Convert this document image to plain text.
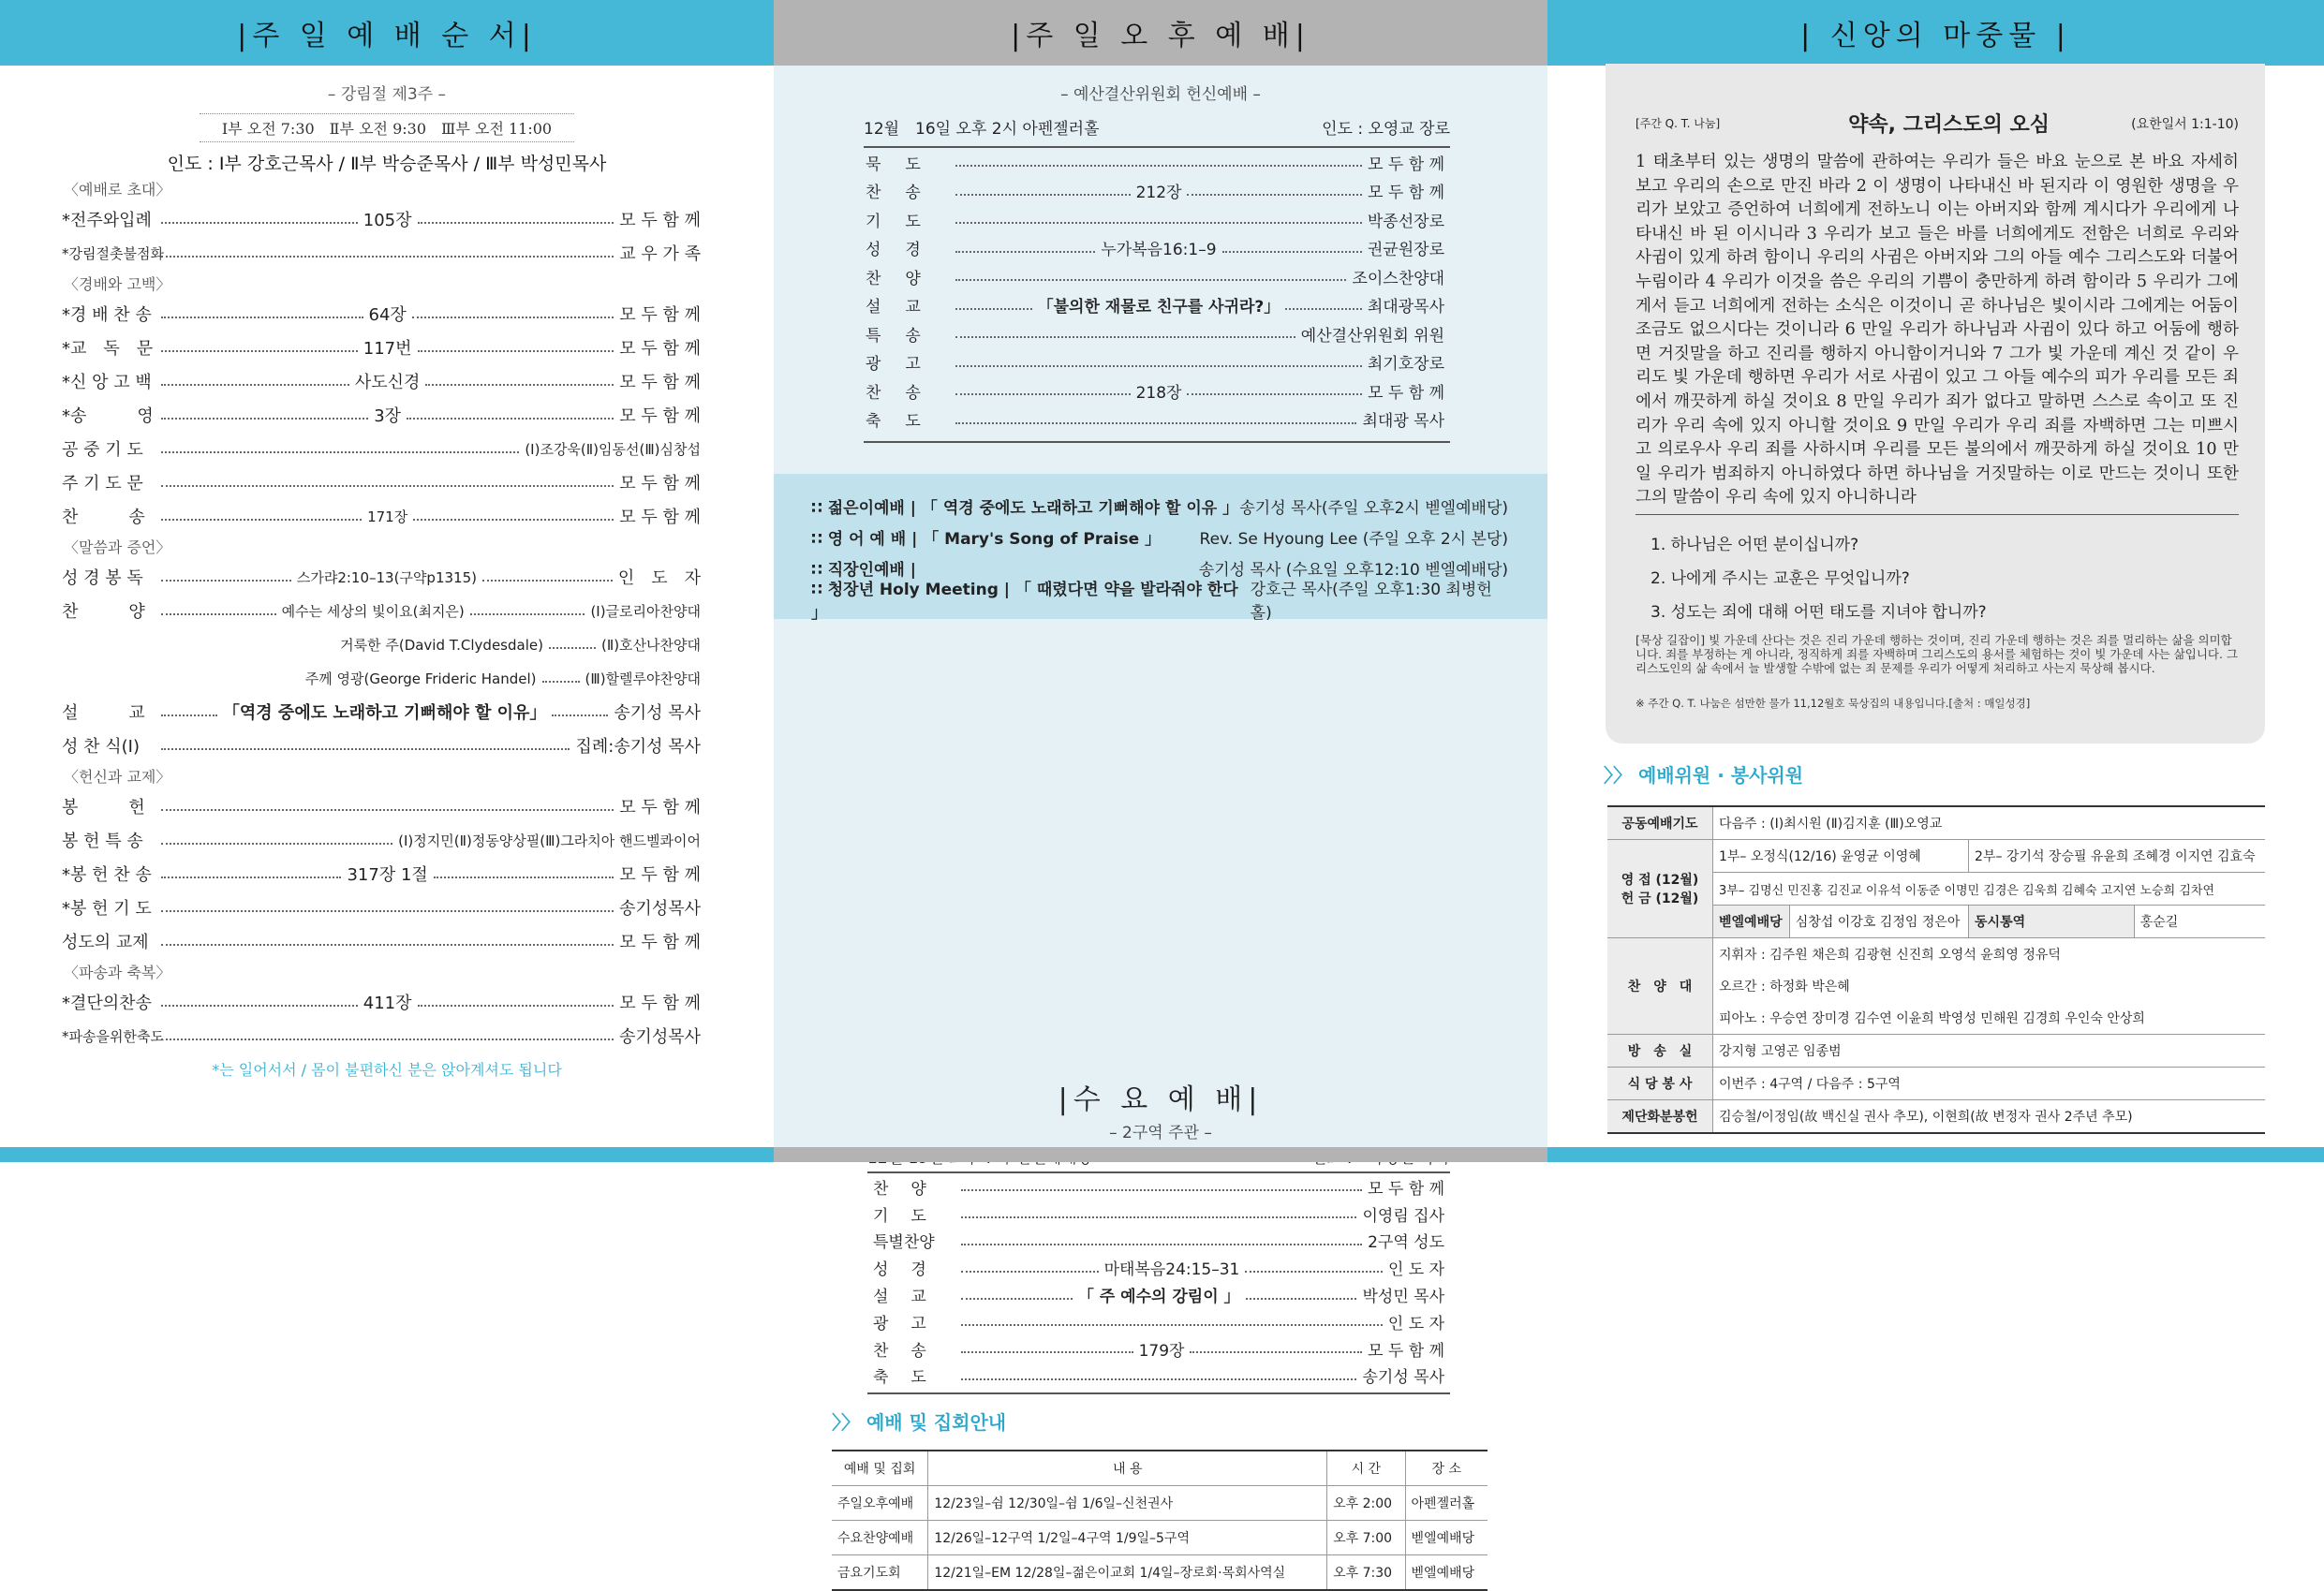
|주 일 예 배 순 서|
– 강림절 제3주 –
Ⅰ부 오전 7:30　Ⅱ부 오전 9:30　Ⅲ부 오전 11:00
인도 : Ⅰ부 강호근목사 / Ⅱ부 박승준목사 / Ⅲ부 박성민목사
〈예배로 초대〉
*전주와입례	105장	모 두 함 께
*강림절촛불점화	교 우 가 족
〈경배와 고백〉
*경 배 찬 송	64장	모 두 함 께
*교　독　문	117번	모 두 함 께
*신 앙 고 백	사도신경	모 두 함 께
*송　　　영	3장	모 두 함 께
공 중 기 도	(Ⅰ)조강욱(Ⅱ)임동선(Ⅲ)심창섭
주 기 도 문	모 두 함 께
찬　　　송	171장	모 두 함 께
〈말씀과 증언〉
성 경 봉 독	스가랴2:10–13(구약p1315)	인　도　자
찬　　　양	예수는 세상의 빛이요(최지은)	(Ⅰ)글로리아찬양대
거룩한 주(David T.Clydesdale)	(Ⅱ)호산나찬양대
주께 영광(George Frideric Handel)	(Ⅲ)할렐루야찬양대
설　　　교	「역경 중에도 노래하고 기뻐해야 할 이유」	송기성 목사
성 찬 식(Ⅰ)	집례:송기성 목사
〈헌신과 교제〉
봉　　　헌	모 두 함 께
봉 헌 특 송	(Ⅰ)정지민(Ⅱ)정동양상필(Ⅲ)그라치아 핸드벨콰이어
*봉 헌 찬 송	317장 1절	모 두 함 께
*봉 헌 기 도	송기성목사
성도의 교제	모 두 함 께
〈파송과 축복〉
*결단의찬송	411장	모 두 함 께
*파송을위한축도	송기성목사
*는 일어서서 / 몸이 불편하신 분은 앉아계셔도 됩니다
|주 일 오 후 예 배|
– 예산결산위원회 헌신예배 –
12월　16일 오후 2시 아펜젤러홀	인도 : 오영교 장로
묵도	모 두 함 께
찬송	212장	모 두 함 께
기도	박종선장로
성경	누가복음16:1–9	권균원장로
찬양	조이스찬양대
설교	「불의한 재물로 친구를 사귀라?」	최대광목사
특송	예산결산위원회 위원
광고	최기호장로
찬송	218장	모 두 함 께
축도	최대광 목사
∷ 젊은이예배 | 「 역경 중에도 노래하고 기뻐해야 할 이유 」 송기성 목사(주일 오후2시 벧엘예배당)
∷ 영 어 예 배 | 「 Mary's Song of Praise 」 Rev. Se Hyoung Lee (주일 오후 2시 본당)
∷ 직장인예배 |	송기성 목사 (수요일 오후12:10 벧엘예배당)
∷ 청장년 Holy Meeting | 「 때렸다면 약을 발라줘야 한다 」
강호근 목사(주일 오후1:30 최병헌홀)
|수 요 예 배|
– 2구역 주관 –
찬양	모 두 함 께
기도	이영림 집사
특별찬양	2구역 성도
성경	마태복음24:15–31	인 도 자
설교	「 주 예수의 강림이 」	박성민 목사
광고	인 도 자
찬송	179장	모 두 함 께
축도	송기성 목사
〉〉 예배 및 집회안내
예배 및 집회	내 용	시 간	장 소
주일오후예배	12/23일–쉼 12/30일–쉼 1/6일–신천권사	오후 2:00	아펜젤러홀
수요찬양예배	12/26일–12구역 1/2일–4구역 1/9일–5구역	오후 7:00	벧엘예배당
금요기도회	12/21일–EM 12/28일–젊은이교회 1/4일–장로회·목회사역실	오후 7:30	벧엘예배당
| 신앙의 마중물 |
[주간 Q. T. 나눔]	약속, 그리스도의 오심	(요한일서 1:1-10)
1 태초부터 있는 생명의 말씀에 관하여는 우리가 들은 바요 눈으로 본 바요 자세히 보고 우리의 손으로 만진 바라 2 이 생명이 나타내신 바 된지라 이 영원한 생명을 우리가 보았고 증언하여 너희에게 전하노니 이는 아버지와 함께 계시다가 우리에게 나타내신 바 된 이시니라 3 우리가 보고 들은 바를 너희에게도 전함은 너희로 우리와 사귐이 있게 하려 함이니 우리의 사귐은 아버지와 그의 아들 예수 그리스도와 더불어 누림이라 4 우리가 이것을 씀은 우리의 기쁨이 충만하게 하려 함이라 5 우리가 그에게서 듣고 너희에게 전하는 소식은 이것이니 곧 하나님은 빛이시라 그에게는 어둠이 조금도 없으시다는 것이니라 6 만일 우리가 하나님과 사귐이 있다 하고 어둠에 행하면 거짓말을 하고 진리를 행하지 아니함이거니와 7 그가 빛 가운데 계신 것 같이 우리도 빛 가운데 행하면 우리가 서로 사귐이 있고 그 아들 예수의 피가 우리를 모든 죄에서 깨끗하게 하실 것이요 8 만일 우리가 죄가 없다고 말하면 스스로 속이고 또 진리가 우리 속에 있지 아니할 것이요 9 만일 우리가 우리 죄를 자백하면 그는 미쁘시고 의로우사 우리 죄를 사하시며 우리를 모든 불의에서 깨끗하게 하실 것이요 10 만일 우리가 범죄하지 아니하였다 하면 하나님을 거짓말하는 이로 만드는 것이니 또한 그의 말씀이 우리 속에 있지 아니하니라
1. 하나님은 어떤 분이십니까?
2. 나에게 주시는 교훈은 무엇입니까?
3. 성도는 죄에 대해 어떤 태도를 지녀야 합니까?
[묵상 길잡이] 빛 가운데 산다는 것은 진리 가운데 행하는 것이며, 진리 가운데 행하는 것은 죄를 멀리하는 삶을 의미합니다. 죄를 부정하는 게 아니라, 정직하게 죄를 자백하며 그리스도의 용서를 체험하는 것이 빛 가운데 사는 삶입니다. 그리스도인의 삶 속에서 늘 발생할 수밖에 없는 죄 문제를 우리가 어떻게 처리하고 사는지 묵상해 봅시다.
※ 주간 Q. T. 나눔은 섬만한 물가 11,12월호 묵상집의 내용입니다.[출처 : 매일성경]
〉〉 예배위원 · 봉사위원
공동예배기도	다음주 : (Ⅰ)최시원 (Ⅱ)김지훈 (Ⅲ)오영교			
영 접 (12월) 헌 금 (12월)	1부– 오정식(12/16) 윤영균 이영혜		2부– 강기석 장승필 유윤희 조혜경 이지연 김효숙	
	3부– 김명신 민진홍 김진교 이유석 이동준 이명민 김경은 김욱희 김혜숙 고지연 노승희 김차연			
	벧엘예배당	심창섭 이강호 김정임 정은아	동시통역	홍순길
찬　양　대	지휘자 : 김주원 채은희 김광현 신진희 오영석 윤희영 정유덕			
	오르간 : 하정화 박은혜			
	피아노 : 우승연 장미경 김수연 이윤희 박영성 민해원 김경희 우인숙 안상희			
방　송　실	강지형 고영곤 임종범			
식 당 봉 사	이번주 : 4구역 / 다음주 : 5구역			
제단화분봉헌	김승철/이정임(故 백신실 권사 추모), 이현희(故 변정자 권사 2주년 추모)			
